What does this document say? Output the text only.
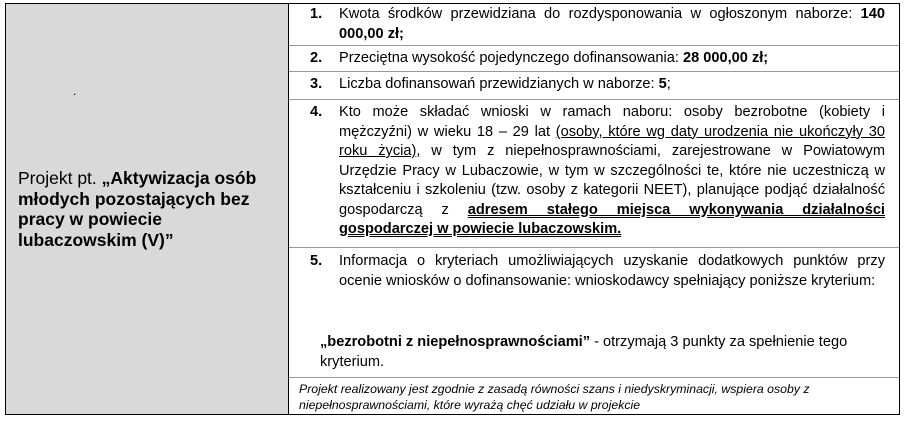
.
Projekt pt. „Aktywizacja osób młodych pozostających bez pracy w powiecie lubaczowskim (V)”
1. Kwota środków przewidziana do rozdysponowania w ogłoszonym naborze: 140 000,00 zł;
2. Przeciętna wysokość pojedynczego dofinansowania: 28 000,00 zł;
3. Liczba dofinansowań przewidzianych w naborze: 5;
4. Kto może składać wnioski w ramach naboru: osoby bezrobotne (kobiety i mężczyźni) w wieku 18 – 29 lat (osoby, które wg daty urodzenia nie ukończyły 30 roku życia), w tym z niepełnosprawnościami, zarejestrowane w Powiatowym Urzędzie Pracy w Lubaczowie, w tym w szczególności te, które nie uczestniczą w kształceniu i szkoleniu (tzw. osoby z kategorii NEET), planujące podjąć działalność gospodarczą z adresem stałego miejsca wykonywania działalności gospodarczej w powiecie lubaczowskim.
5. Informacja o kryteriach umożliwiających uzyskanie dodatkowych punktów przy ocenie wniosków o dofinansowanie: wnioskodawcy spełniający poniższe kryterium:
„bezrobotni z niepełnosprawnościami” - otrzymają 3 punkty za spełnienie tego kryterium.
Projekt realizowany jest zgodnie z zasadą równości szans i niedyskryminacji, wspiera osoby z niepełnosprawnościami, które wyrażą chęć udziału w projekcie
